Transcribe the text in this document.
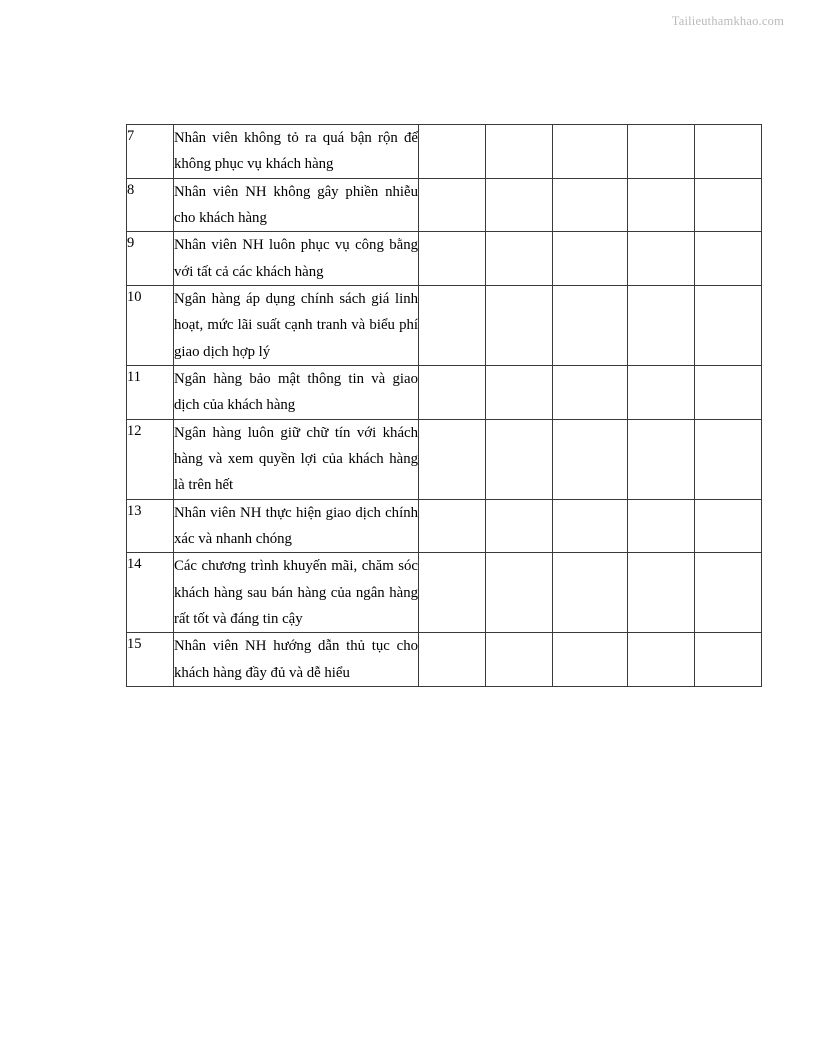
Tailieuthamkhao.com
7	Nhân viên không tỏ ra quá bận rộn để không phục vụ khách hàng					
8	Nhân viên NH không gây phiền nhiễu cho khách hàng					
9	Nhân viên NH luôn phục vụ công bằng với tất cả các khách hàng					
10	Ngân hàng áp dụng chính sách giá linh hoạt, mức lãi suất cạnh tranh và biểu phí giao dịch hợp lý					
11	Ngân hàng bảo mật thông tin và giao dịch của khách hàng					
12	Ngân hàng luôn giữ chữ tín với khách hàng và xem quyền lợi của khách hàng là trên hết					
13	Nhân viên NH thực hiện giao dịch chính xác và nhanh chóng					
14	Các chương trình khuyến mãi, chăm sóc khách hàng sau bán hàng của ngân hàng rất tốt và đáng tin cậy					
15	Nhân viên NH hướng dẫn thủ tục cho khách hàng đầy đủ và dễ hiểu					
